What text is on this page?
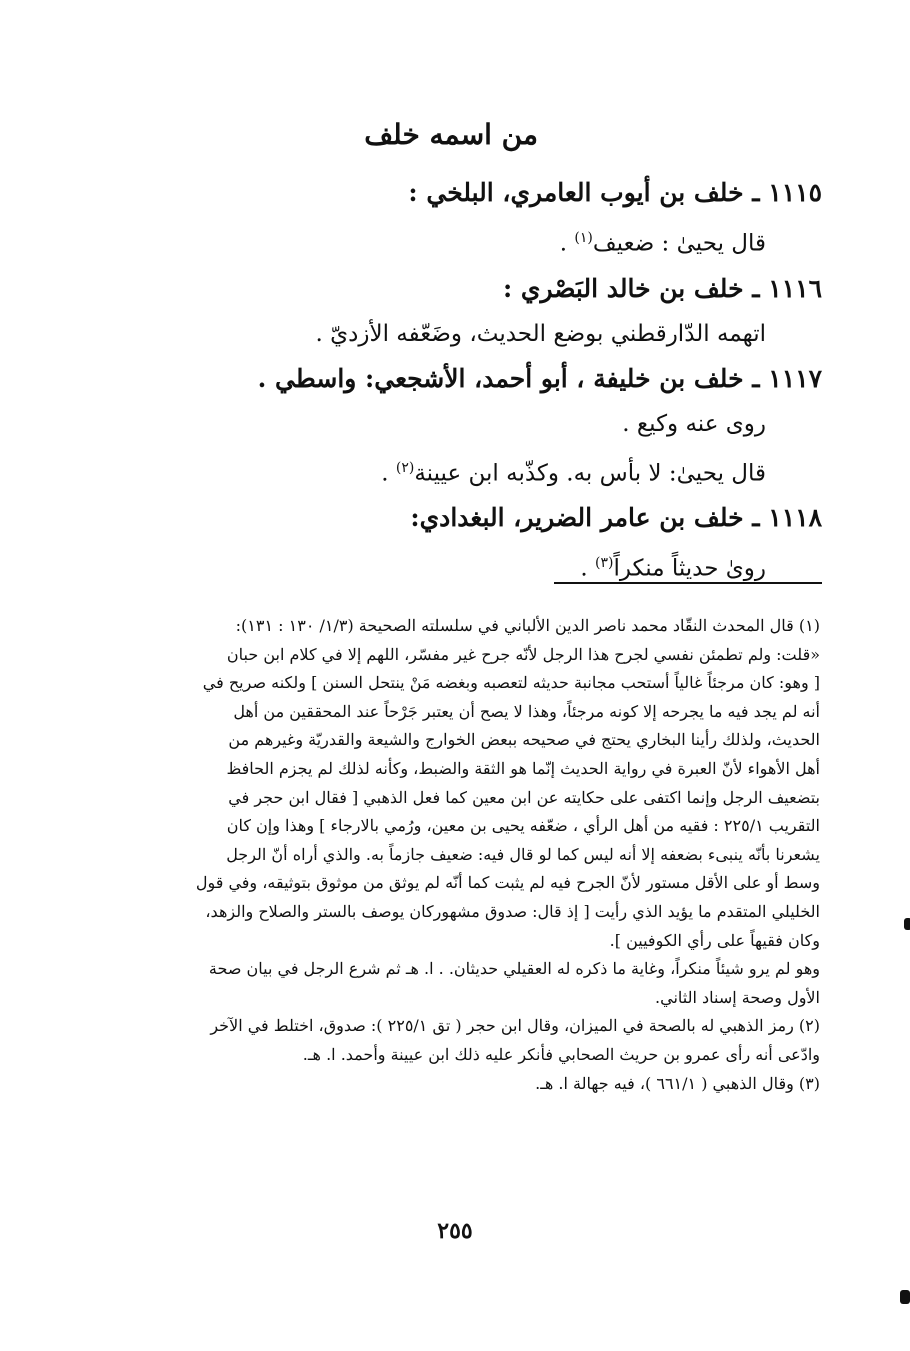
من اسمه خلف
١١١٥ ـ خلف بن أيوب العامري، البلخي :
قال يحيىٰ : ضعيف$^{(١)}$ .
١١١٦ ـ خلف بن خالد البَصْري :
اتهمه الدّارقطني بوضع الحديث، وضَعّفه الأزديّ .
١١١٧ ـ خلف بن خليفة ، أبو أحمد، الأشجعي: واسطي .
روى عنه وكيع .
قال يحيىٰ: لا بأس به. وكذّبه ابن عيينة$^{(٢)}$ .
١١١٨ ـ خلف بن عامر الضرير، البغدادي:
روىٰ حديثاً منكراً$^{(٣)}$ .
(١) قال المحدث النقّاد محمد ناصر الدين الألباني في سلسلته الصحيحة (١/٣/ ١٣٠ : ١٣١):
«قلت: ولم تطمئن نفسي لجرح هذا الرجل لأنّه جرح غير مفسّر، اللهم إلا في كلام ابن حبان
[ وهو: كان مرجئاً غالياً أستحب مجانبة حديثه لتعصبه وبغضه مَنْ ينتحل السنن ] ولكنه صريح في
أنه لم يجد فيه ما يجرحه إلا كونه مرجئاً، وهذا لا يصح أن يعتبر جَرْحاً عند المحققين من أهل
الحديث، ولذلك رأينا البخاري يحتج في صحيحه ببعض الخوارج والشيعة والقدريّة وغيرهم من
أهل الأهواء لأنّ العبرة في رواية الحديث إنّما هو الثقة والضبط، وكأنه لذلك لم يجزم الحافظ
بتضعيف الرجل وإنما اكتفى على حكايته عن ابن معين كما فعل الذهبي [ فقال ابن حجر في
التقريب ٢٢٥/١ : فقيه من أهل الرأي ، ضعّفه يحيى بن معين، ورُمي بالارجاء ] وهذا وإن كان
يشعرنا بأنّه ينبىء بضعفه إلا أنه ليس كما لو قال فيه: ضعيف جازماً به. والذي أراه أنّ الرجل
وسط أو على الأقل مستور لأنّ الجرح فيه لم يثبت كما أنّه لم يوثق من موثوق بتوثيقه، وفي قول
الخليلي المتقدم ما يؤيد الذي رأيت [ إذ قال: صدوق مشهوركان يوصف بالستر والصلاح والزهد،
وكان فقيهاً على رأي الكوفيين ].
وهو لم يرو شيئاً منكراً، وغاية ما ذكره له العقيلي حديثان. . ا. هـ ثم شرع الرجل في بيان صحة
الأول وصحة إسناد الثاني.
(٢) رمز الذهبي له بالصحة في الميزان، وقال ابن حجر ( تق ٢٢٥/١ ): صدوق، اختلط في الآخر
وادّعى أنه رأى عمرو بن حريث الصحابي فأنكر عليه ذلك ابن عيينة وأحمد. ا. هـ.
(٣) وقال الذهبي ( ٦٦١/١ )، فيه جهالة ا. هـ.
٢٥٥
